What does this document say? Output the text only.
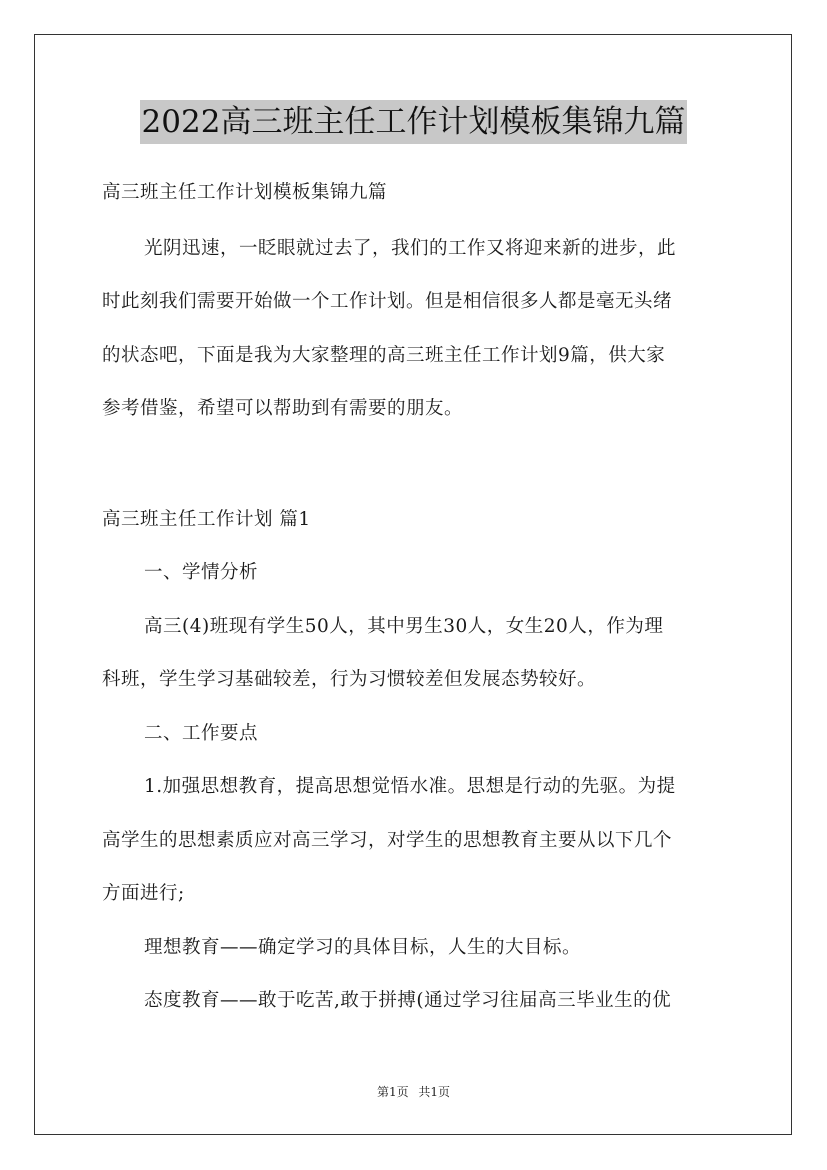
2022高三班主任工作计划模板集锦九篇

高三班主任工作计划模板集锦九篇

光阴迅速，一眨眼就过去了，我们的工作又将迎来新的进步，此

时此刻我们需要开始做一个工作计划。但是相信很多人都是毫无头绪

的状态吧，下面是我为大家整理的高三班主任工作计划9篇，供大家

参考借鉴，希望可以帮助到有需要的朋友。

高三班主任工作计划 篇1

一、学情分析

高三(4)班现有学生50人，其中男生30人，女生20人，作为理

科班，学生学习基础较差，行为习惯较差但发展态势较好。

二、工作要点

1.加强思想教育，提高思想觉悟水准。思想是行动的先驱。为提

高学生的思想素质应对高三学习，对学生的思想教育主要从以下几个

方面进行;

理想教育——确定学习的具体目标，人生的大目标。

态度教育——敢于吃苦,敢于拼搏(通过学习往届高三毕业生的优

第1页 共1页
